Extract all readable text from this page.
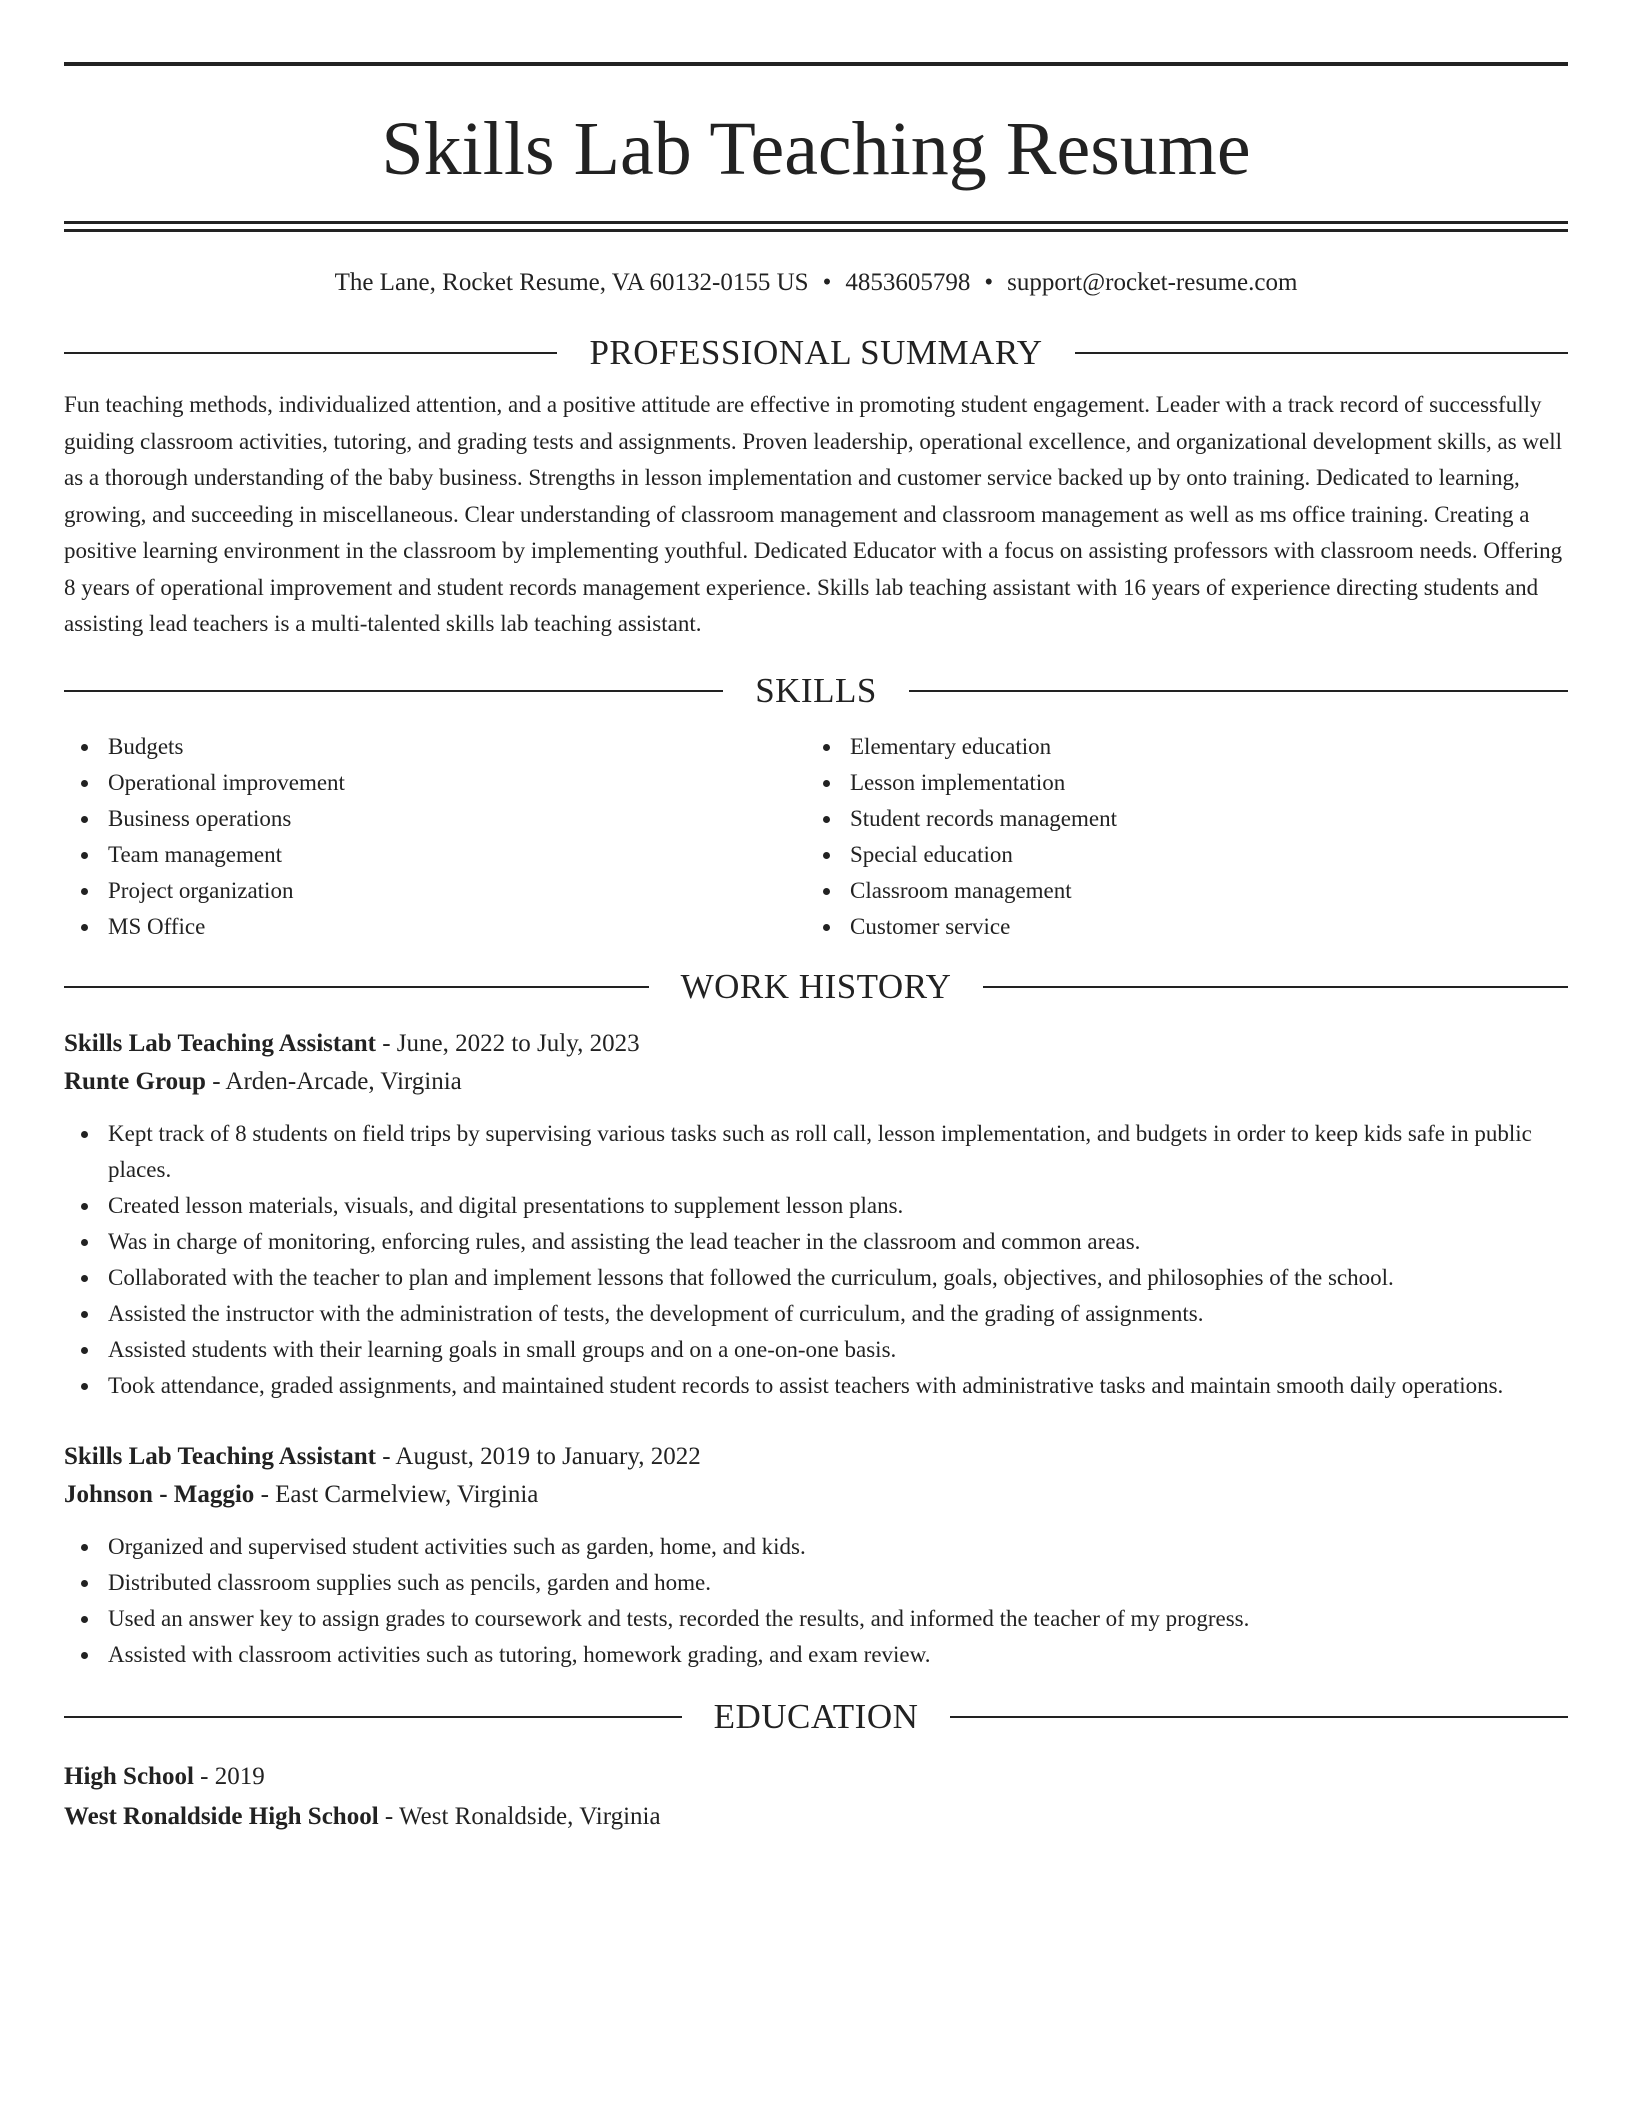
Skills Lab Teaching Resume
The Lane, Rocket Resume, VA 60132-0155 US • 4853605798 • support@rocket-resume.com
PROFESSIONAL SUMMARY

Fun teaching methods, individualized attention, and a positive attitude are effective in promoting student engagement. Leader with a track record of successfully guiding classroom activities, tutoring, and grading tests and assignments. Proven leadership, operational excellence, and organizational development skills, as well as a thorough understanding of the baby business. Strengths in lesson implementation and customer service backed up by onto training. Dedicated to learning, growing, and succeeding in miscellaneous. Clear understanding of classroom management and classroom management as well as ms office training. Creating a positive learning environment in the classroom by implementing youthful. Dedicated Educator with a focus on assisting professors with classroom needs. Offering 8 years of operational improvement and student records management experience. Skills lab teaching assistant with 16 years of experience directing students and assisting lead teachers is a multi-talented skills lab teaching assistant.

SKILLS
Budgets
Operational improvement
Business operations
Team management
Project organization
MS Office
Elementary education
Lesson implementation
Student records management
Special education
Classroom management
Customer service
WORK HISTORY
Skills Lab Teaching Assistant - June, 2022 to July, 2023
Runte Group - Arden-Arcade, Virginia
Kept track of 8 students on field trips by supervising various tasks such as roll call, lesson implementation, and budgets in order to keep kids safe in public places.
Created lesson materials, visuals, and digital presentations to supplement lesson plans.
Was in charge of monitoring, enforcing rules, and assisting the lead teacher in the classroom and common areas.
Collaborated with the teacher to plan and implement lessons that followed the curriculum, goals, objectives, and philosophies of the school.
Assisted the instructor with the administration of tests, the development of curriculum, and the grading of assignments.
Assisted students with their learning goals in small groups and on a one-on-one basis.
Took attendance, graded assignments, and maintained student records to assist teachers with administrative tasks and maintain smooth daily operations.
Skills Lab Teaching Assistant - August, 2019 to January, 2022
Johnson - Maggio - East Carmelview, Virginia
Organized and supervised student activities such as garden, home, and kids.
Distributed classroom supplies such as pencils, garden and home.
Used an answer key to assign grades to coursework and tests, recorded the results, and informed the teacher of my progress.
Assisted with classroom activities such as tutoring, homework grading, and exam review.
EDUCATION
High School - 2019
West Ronaldside High School - West Ronaldside, Virginia
